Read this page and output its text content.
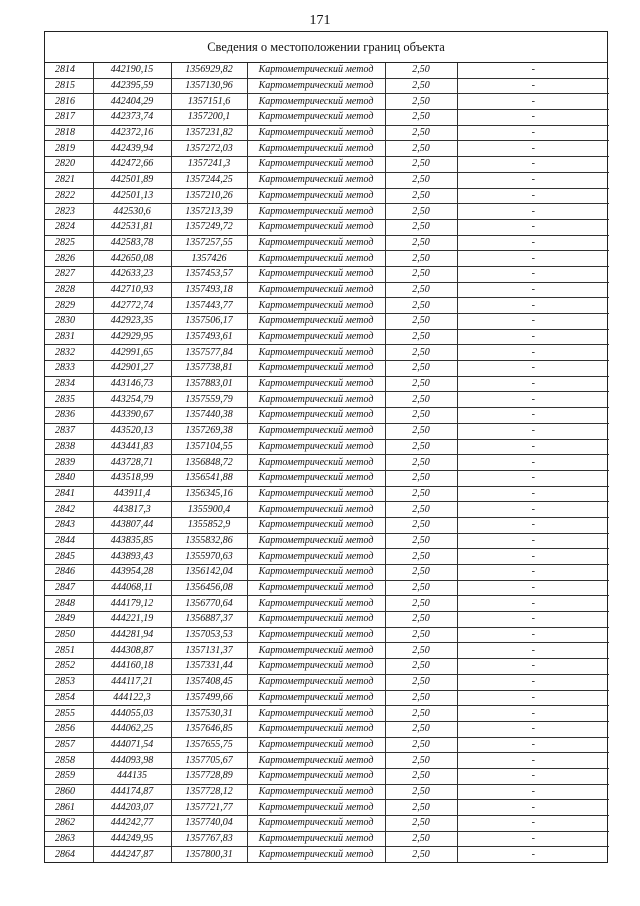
171
Сведения о местоположении границ объекта
2814	442190,15	1356929,82	Картометрический метод	2,50	-
2815	442395,59	1357130,96	Картометрический метод	2,50	-
2816	442404,29	1357151,6	Картометрический метод	2,50	-
2817	442373,74	1357200,1	Картометрический метод	2,50	-
2818	442372,16	1357231,82	Картометрический метод	2,50	-
2819	442439,94	1357272,03	Картометрический метод	2,50	-
2820	442472,66	1357241,3	Картометрический метод	2,50	-
2821	442501,89	1357244,25	Картометрический метод	2,50	-
2822	442501,13	1357210,26	Картометрический метод	2,50	-
2823	442530,6	1357213,39	Картометрический метод	2,50	-
2824	442531,81	1357249,72	Картометрический метод	2,50	-
2825	442583,78	1357257,55	Картометрический метод	2,50	-
2826	442650,08	1357426	Картометрический метод	2,50	-
2827	442633,23	1357453,57	Картометрический метод	2,50	-
2828	442710,93	1357493,18	Картометрический метод	2,50	-
2829	442772,74	1357443,77	Картометрический метод	2,50	-
2830	442923,35	1357506,17	Картометрический метод	2,50	-
2831	442929,95	1357493,61	Картометрический метод	2,50	-
2832	442991,65	1357577,84	Картометрический метод	2,50	-
2833	442901,27	1357738,81	Картометрический метод	2,50	-
2834	443146,73	1357883,01	Картометрический метод	2,50	-
2835	443254,79	1357559,79	Картометрический метод	2,50	-
2836	443390,67	1357440,38	Картометрический метод	2,50	-
2837	443520,13	1357269,38	Картометрический метод	2,50	-
2838	443441,83	1357104,55	Картометрический метод	2,50	-
2839	443728,71	1356848,72	Картометрический метод	2,50	-
2840	443518,99	1356541,88	Картометрический метод	2,50	-
2841	443911,4	1356345,16	Картометрический метод	2,50	-
2842	443817,3	1355900,4	Картометрический метод	2,50	-
2843	443807,44	1355852,9	Картометрический метод	2,50	-
2844	443835,85	1355832,86	Картометрический метод	2,50	-
2845	443893,43	1355970,63	Картометрический метод	2,50	-
2846	443954,28	1356142,04	Картометрический метод	2,50	-
2847	444068,11	1356456,08	Картометрический метод	2,50	-
2848	444179,12	1356770,64	Картометрический метод	2,50	-
2849	444221,19	1356887,37	Картометрический метод	2,50	-
2850	444281,94	1357053,53	Картометрический метод	2,50	-
2851	444308,87	1357131,37	Картометрический метод	2,50	-
2852	444160,18	1357331,44	Картометрический метод	2,50	-
2853	444117,21	1357408,45	Картометрический метод	2,50	-
2854	444122,3	1357499,66	Картометрический метод	2,50	-
2855	444055,03	1357530,31	Картометрический метод	2,50	-
2856	444062,25	1357646,85	Картометрический метод	2,50	-
2857	444071,54	1357655,75	Картометрический метод	2,50	-
2858	444093,98	1357705,67	Картометрический метод	2,50	-
2859	444135	1357728,89	Картометрический метод	2,50	-
2860	444174,87	1357728,12	Картометрический метод	2,50	-
2861	444203,07	1357721,77	Картометрический метод	2,50	-
2862	444242,77	1357740,04	Картометрический метод	2,50	-
2863	444249,95	1357767,83	Картометрический метод	2,50	-
2864	444247,87	1357800,31	Картометрический метод	2,50	-
